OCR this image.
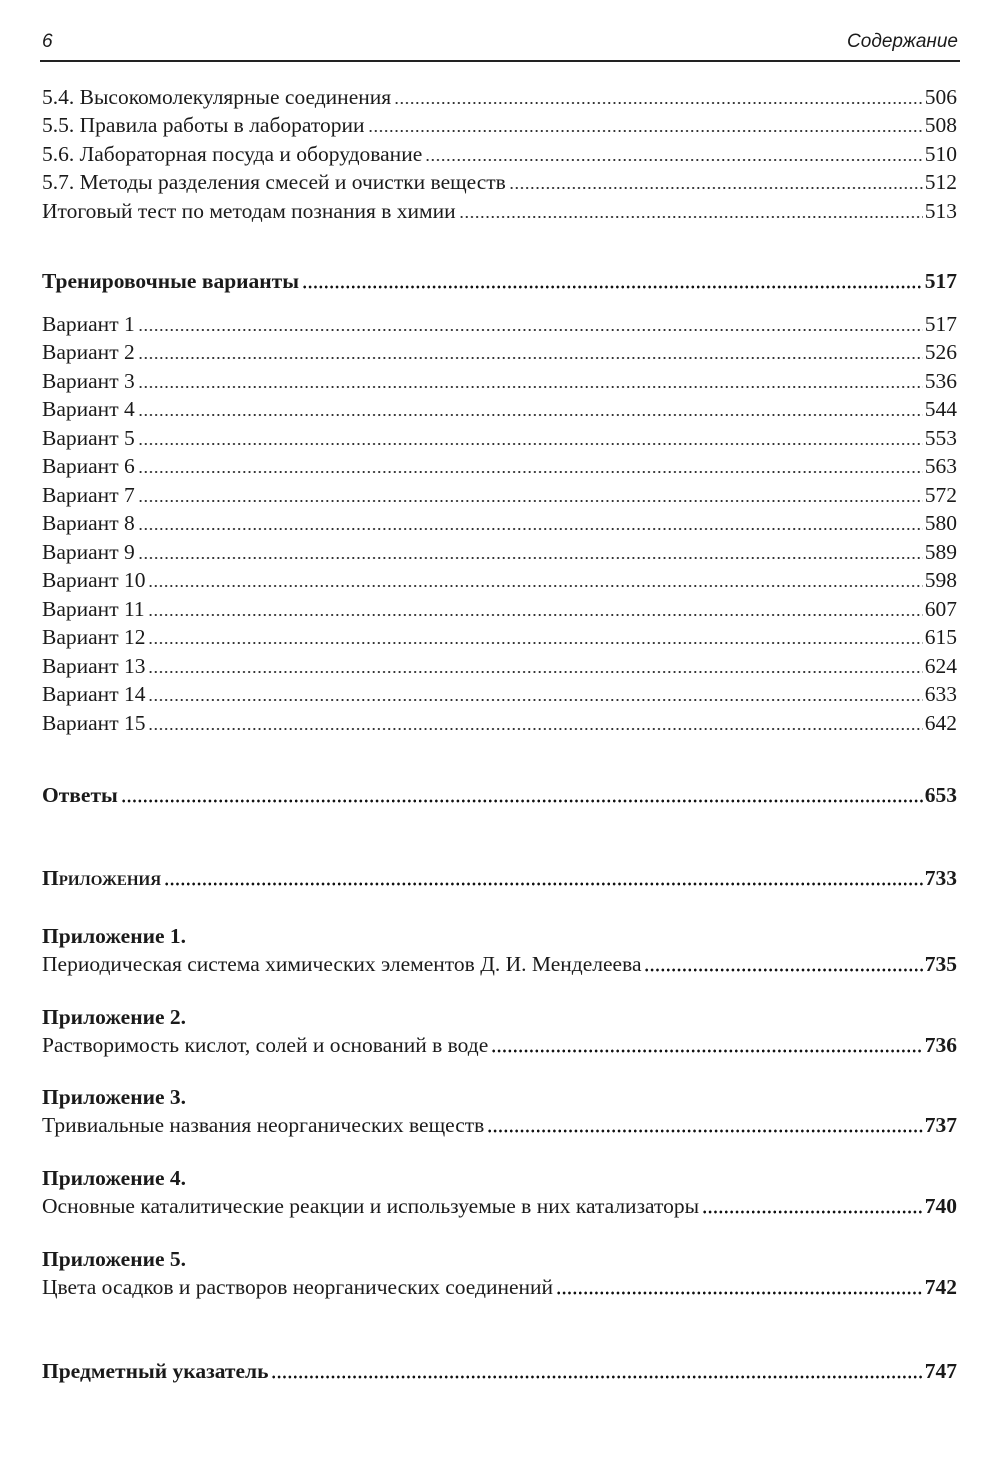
6	Содержание
5.4. Высокомолекулярные соединения	506
5.5. Правила работы в лаборатории	508
5.6. Лабораторная посуда и оборудование	510
5.7. Методы разделения смесей и очистки веществ	512
Итоговый тест по методам познания в химии	513
Тренировочные варианты	517
Вариант 1	517
Вариант 2	526
Вариант 3	536
Вариант 4	544
Вариант 5	553
Вариант 6	563
Вариант 7	572
Вариант 8	580
Вариант 9	589
Вариант 10	598
Вариант 11	607
Вариант 12	615
Вариант 13	624
Вариант 14	633
Вариант 15	642
Ответы	653
Приложения	733
Приложение 1.
Периодическая система химических элементов Д. И. Менделеева	735
Приложение 2.
Растворимость кислот, солей и оснований в воде	736
Приложение 3.
Тривиальные названия неорганических веществ	737
Приложение 4.
Основные каталитические реакции и используемые в них катализаторы	740
Приложение 5.
Цвета осадков и растворов неорганических соединений	742
Предметный указатель	747
